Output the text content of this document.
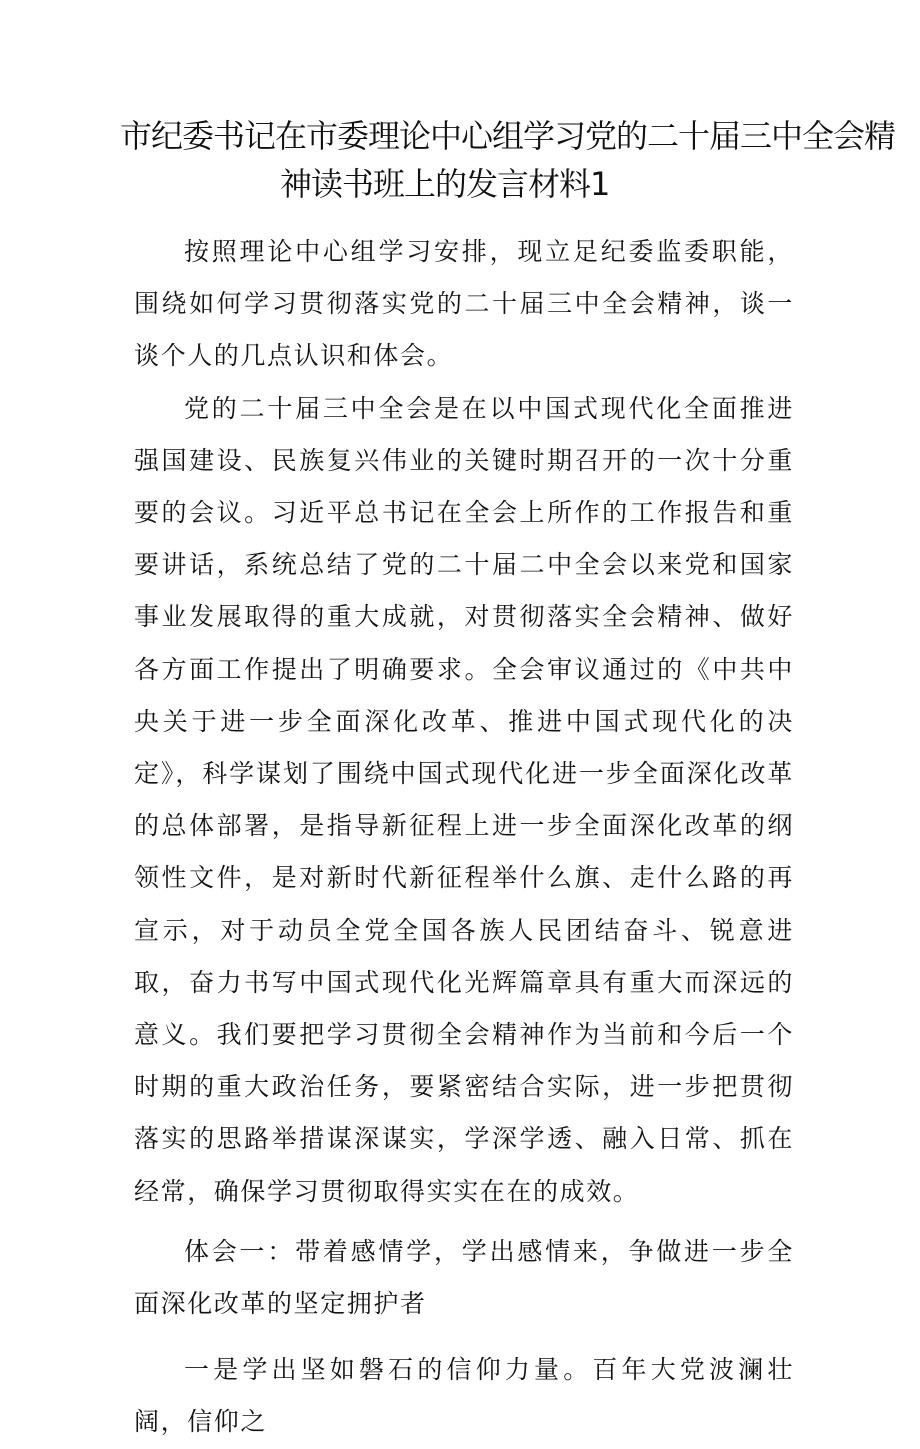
市纪委书记在市委理论中心组学习党的二十届三中全会精
神读书班上的发言材料1

按照理论中心组学习安排，现立足纪委监委职能，围绕如何学习贯彻落实党的二十届三中全会精神，谈一谈个人的几点认识和体会。

党的二十届三中全会是在以中国式现代化全面推进强国建设、民族复兴伟业的关键时期召开的一次十分重要的会议。习近平总书记在全会上所作的工作报告和重要讲话，系统总结了党的二十届二中全会以来党和国家事业发展取得的重大成就，对贯彻落实全会精神、做好各方面工作提出了明确要求。全会审议通过的《中共中央关于进一步全面深化改革、推进中国式现代化的决定》，科学谋划了围绕中国式现代化进一步全面深化改革的总体部署，是指导新征程上进一步全面深化改革的纲领性文件，是对新时代新征程举什么旗、走什么路的再宣示，对于动员全党全国各族人民团结奋斗、锐意进取，奋力书写中国式现代化光辉篇章具有重大而深远的意义。我们要把学习贯彻全会精神作为当前和今后一个时期的重大政治任务，要紧密结合实际，进一步把贯彻落实的思路举措谋深谋实，学深学透、融入日常、抓在经常，确保学习贯彻取得实实在在的成效。

体会一：带着感情学，学出感情来，争做进一步全面深化改革的坚定拥护者

一是学出坚如磐石的信仰力量。百年大党波澜壮阔，信仰之
